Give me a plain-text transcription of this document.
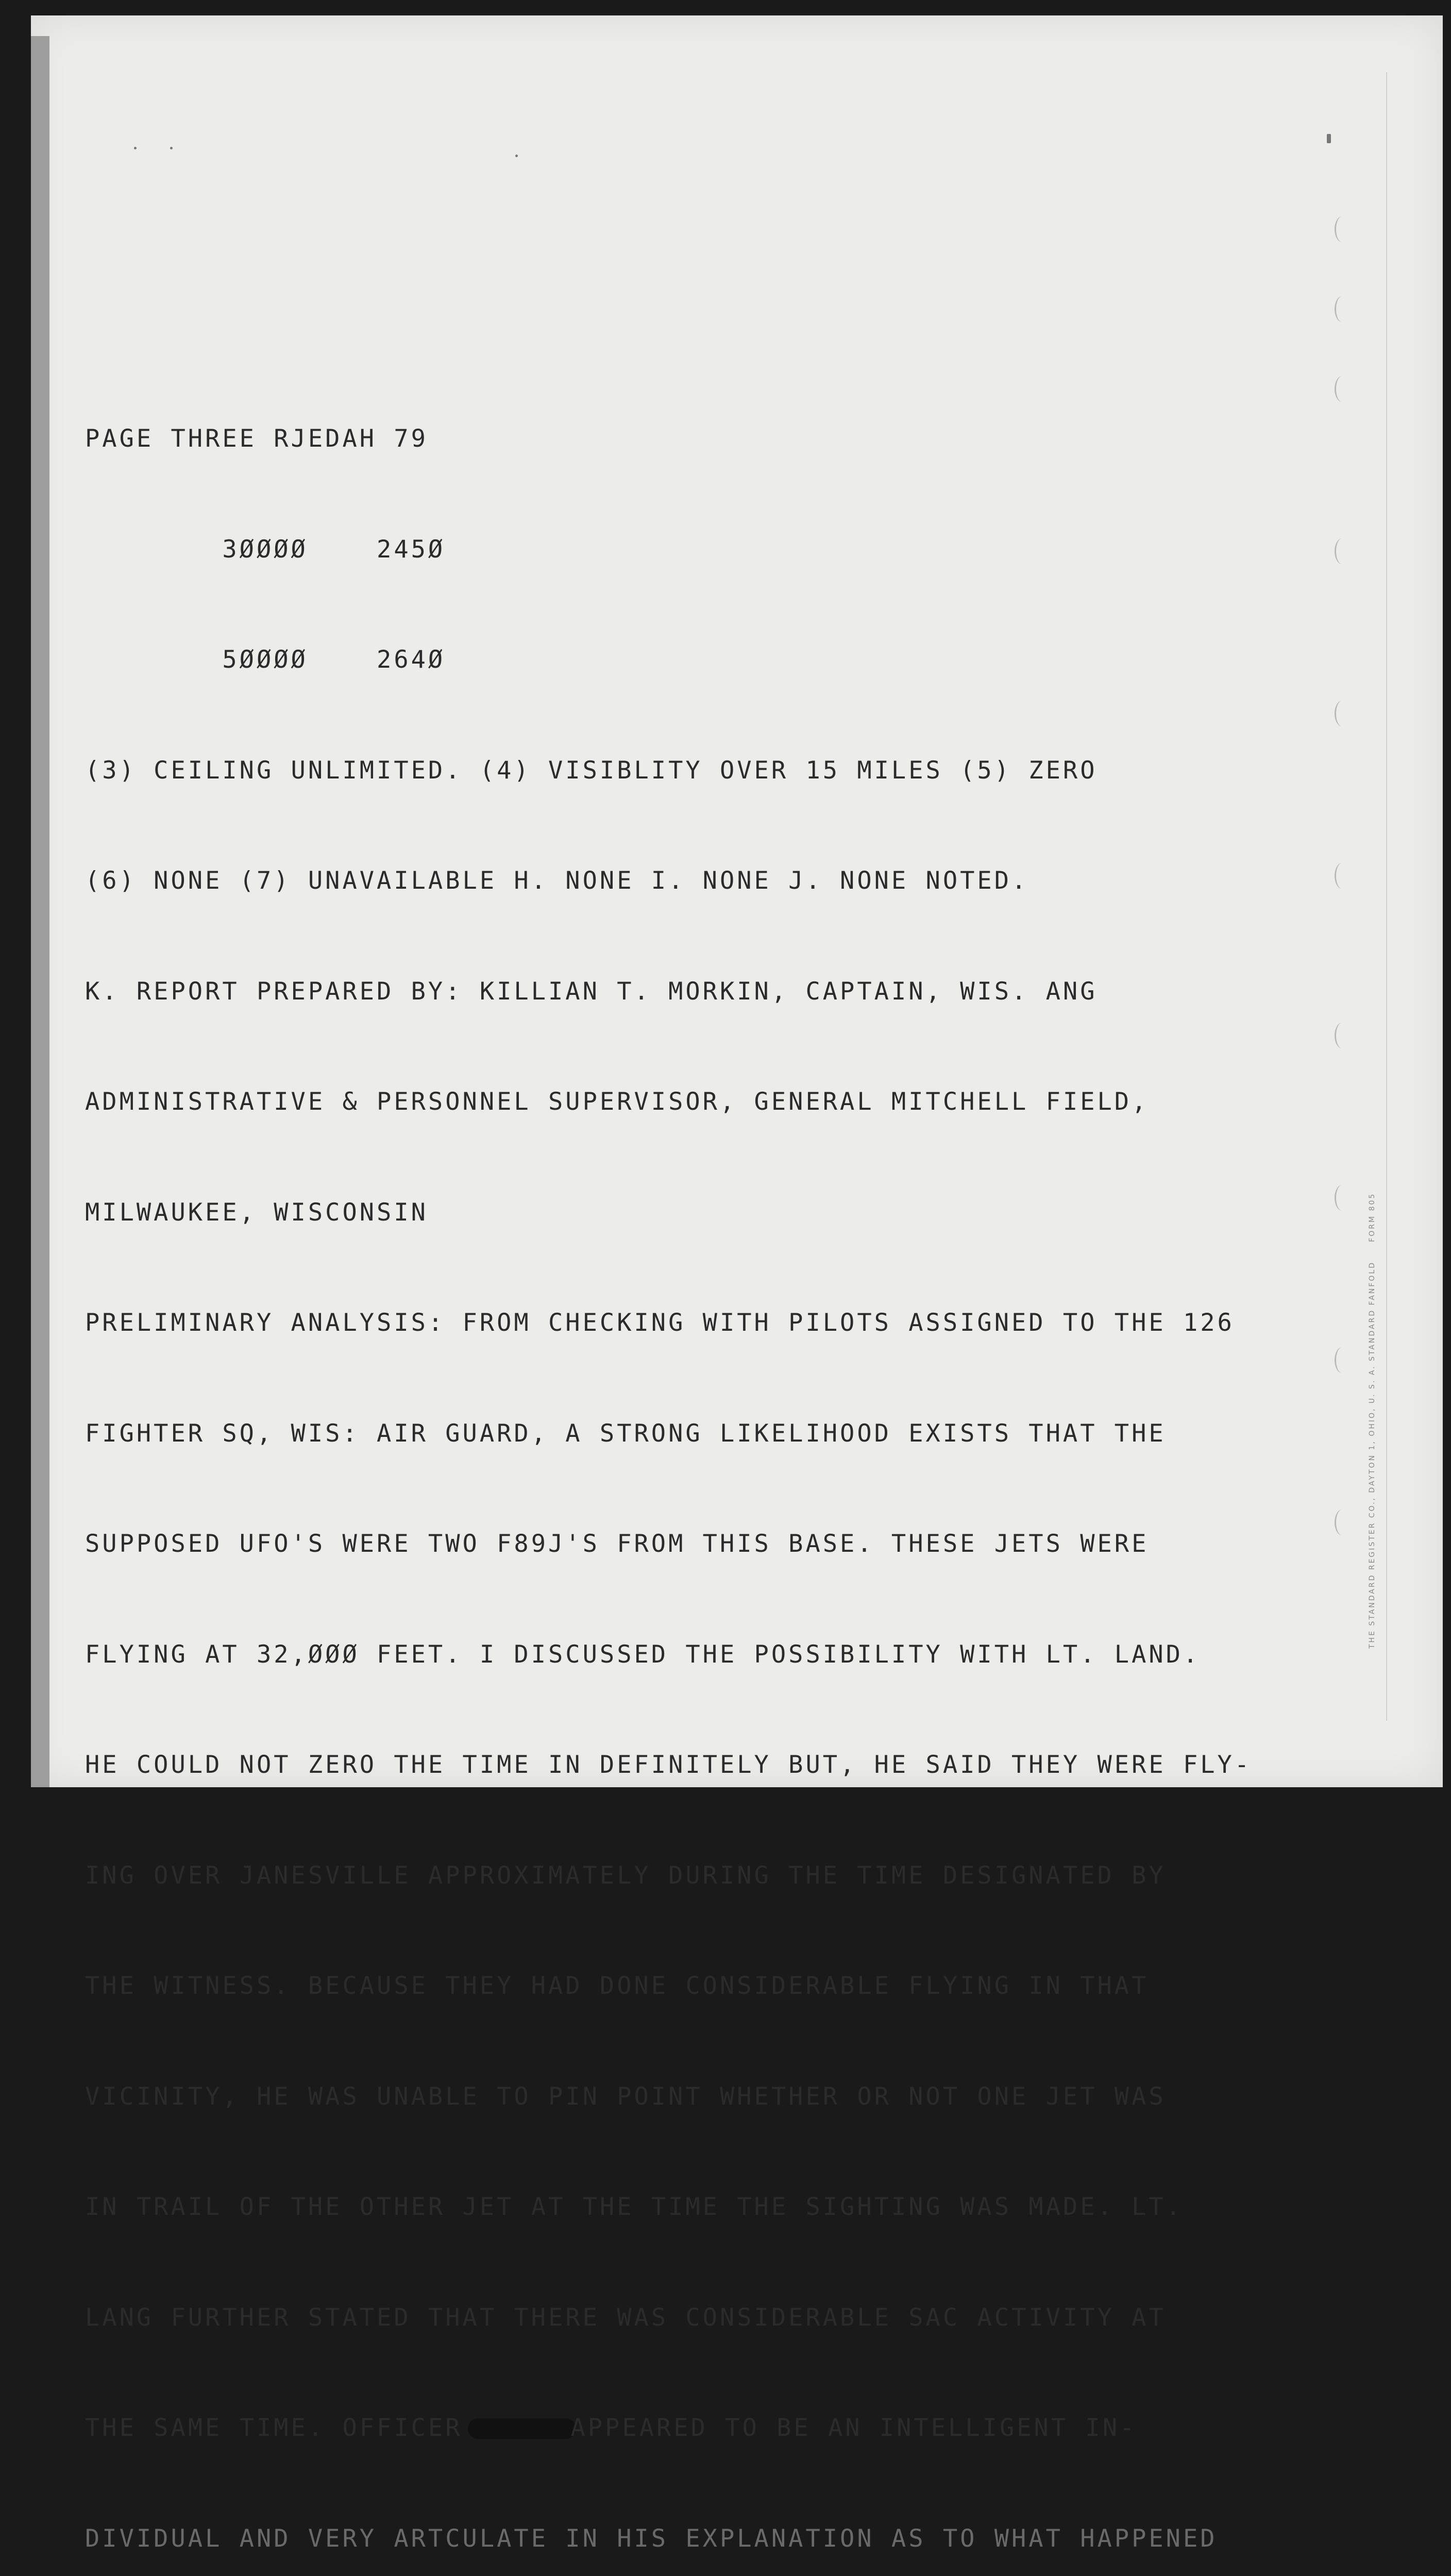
PAGE THREE RJEDAH 79

3ØØØØ    245Ø

5ØØØØ    264Ø

(3) CEILING UNLIMITED. (4) VISIBLITY OVER 15 MILES (5) ZERO

(6) NONE (7) UNAVAILABLE H. NONE I. NONE J. NONE NOTED.

K. REPORT PREPARED BY: KILLIAN T. MORKIN, CAPTAIN, WIS. ANG

ADMINISTRATIVE & PERSONNEL SUPERVISOR, GENERAL MITCHELL FIELD,

MILWAUKEE, WISCONSIN

PRELIMINARY ANALYSIS: FROM CHECKING WITH PILOTS ASSIGNED TO THE 126

FIGHTER SQ, WIS: AIR GUARD, A STRONG LIKELIHOOD EXISTS THAT THE

SUPPOSED UFO'S WERE TWO F89J'S FROM THIS BASE. THESE JETS WERE

FLYING AT 32,ØØØ FEET. I DISCUSSED THE POSSIBILITY WITH LT. LAND.

HE COULD NOT ZERO THE TIME IN DEFINITELY BUT, HE SAID THEY WERE FLY-

ING OVER JANESVILLE APPROXIMATELY DURING THE TIME DESIGNATED BY

THE WITNESS. BECAUSE THEY HAD DONE CONSIDERABLE FLYING IN THAT

VICINITY, HE WAS UNABLE TO PIN POINT WHETHER OR NOT ONE JET WAS

IN TRAIL OF THE OTHER JET AT THE TIME THE SIGHTING WAS MADE. LT.

LANG FURTHER STATED THAT THERE WAS CONSIDERABLE SAC ACTIVITY AT

THE SAME TIME. OFFICER	APPEARED TO BE AN INTELLIGENT IN-

DIVIDUAL AND VERY ARTCULATE IN HIS EXPLANATION AS TO WHAT HAPPENED

THE STANDARD REGISTER CO., DAYTON 1, OHIO, U. S. A. STANDARD FANFOLD     FORM 805
